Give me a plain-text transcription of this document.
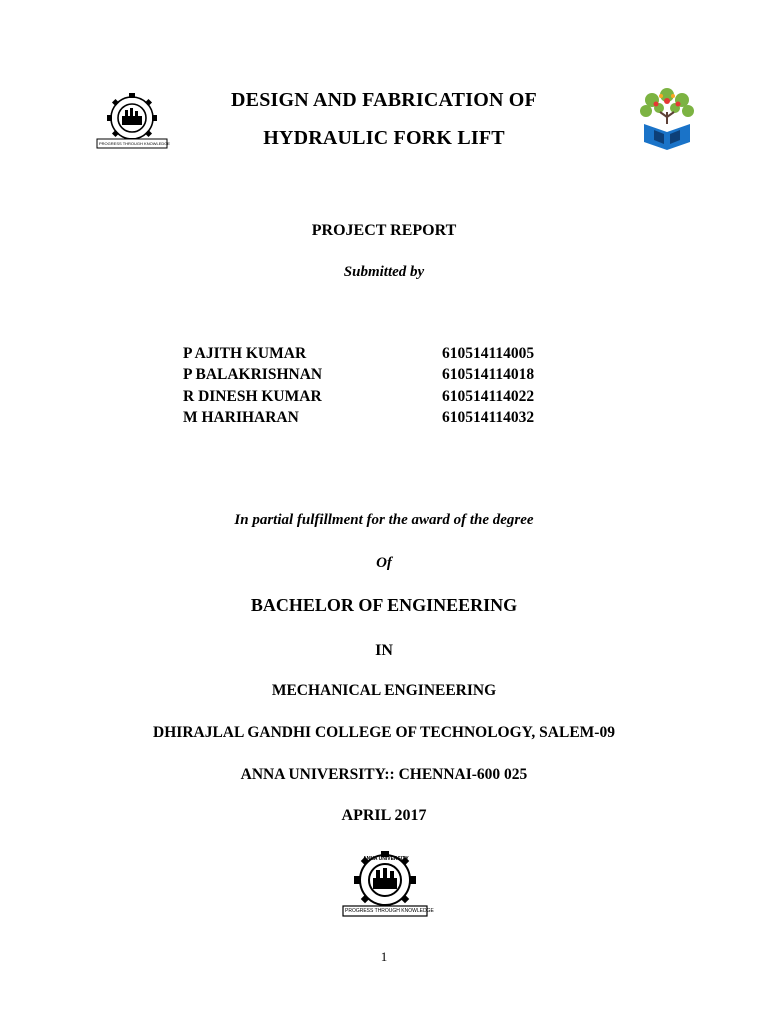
PROGRESS THROUGH KNOWLEDGE
DESIGN AND FABRICATION OF
HYDRAULIC FORK LIFT
PROJECT REPORT
Submitted by
P AJITH KUMAR	610514114005
P BALAKRISHNAN	610514114018
R DINESH KUMAR	610514114022
M HARIHARAN	610514114032
In partial fulfillment for the award of the degree
Of
BACHELOR OF ENGINEERING
IN
MECHANICAL ENGINEERING
DHIRAJLAL GANDHI COLLEGE OF TECHNOLOGY, SALEM-09
ANNA UNIVERSITY:: CHENNAI-600 025
APRIL 2017
ANNA UNIVERSITY
PROGRESS THROUGH KNOWLEDGE
1
